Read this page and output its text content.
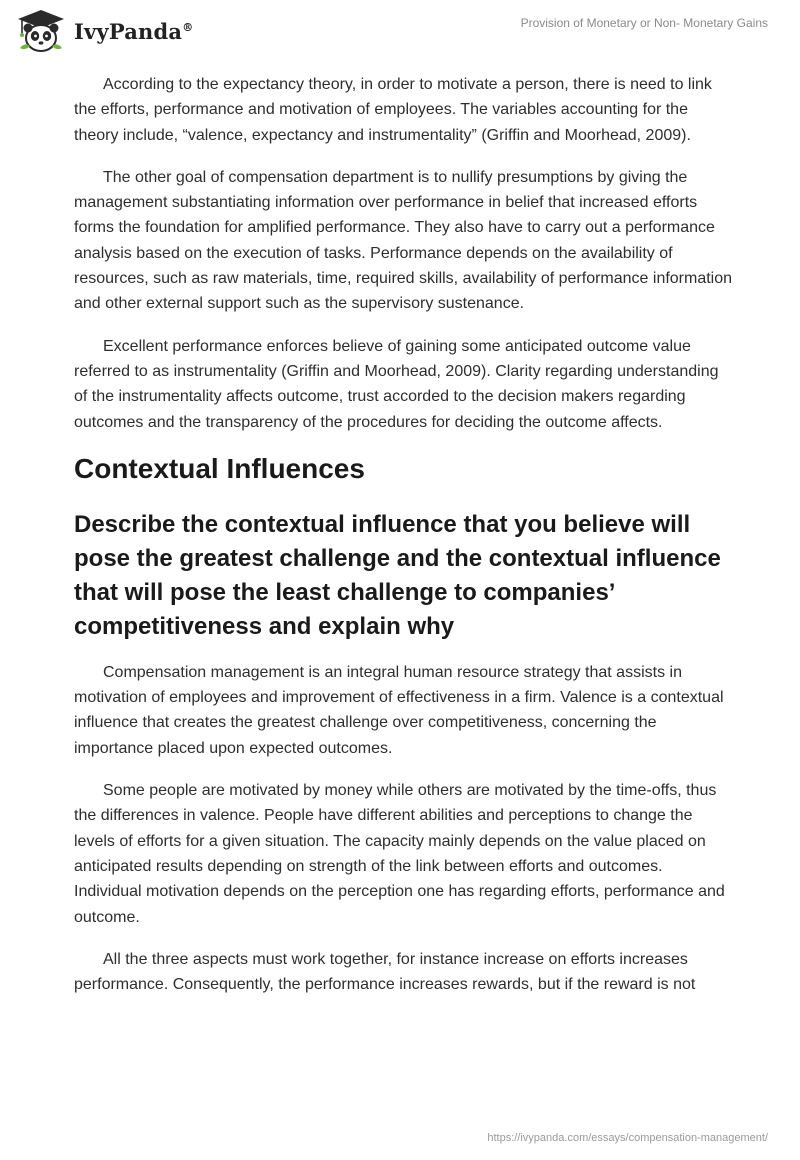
IvyPanda®	Provision of Monetary or Non- Monetary Gains

According to the expectancy theory, in order to motivate a person, there is need to link the efforts, performance and motivation of employees. The variables accounting for the theory include, “valence, expectancy and instrumentality” (Griffin and Moorhead, 2009).

The other goal of compensation department is to nullify presumptions by giving the management substantiating information over performance in belief that increased efforts forms the foundation for amplified performance. They also have to carry out a performance analysis based on the execution of tasks. Performance depends on the availability of resources, such as raw materials, time, required skills, availability of performance information and other external support such as the supervisory sustenance.

Excellent performance enforces believe of gaining some anticipated outcome value referred to as instrumentality (Griffin and Moorhead, 2009). Clarity regarding understanding of the instrumentality affects outcome, trust accorded to the decision makers regarding outcomes and the transparency of the procedures for deciding the outcome affects.

Contextual Influences
Describe the contextual influence that you believe will pose the greatest challenge and the contextual influence that will pose the least challenge to companies’ competitiveness and explain why

Compensation management is an integral human resource strategy that assists in motivation of employees and improvement of effectiveness in a firm. Valence is a contextual influence that creates the greatest challenge over competitiveness, concerning the importance placed upon expected outcomes.

Some people are motivated by money while others are motivated by the time-offs, thus the differences in valence. People have different abilities and perceptions to change the levels of efforts for a given situation. The capacity mainly depends on the value placed on anticipated results depending on strength of the link between efforts and outcomes. Individual motivation depends on the perception one has regarding efforts, performance and outcome.

All the three aspects must work together, for instance increase on efforts increases performance. Consequently, the performance increases rewards, but if the reward is not

https://ivypanda.com/essays/compensation-management/
